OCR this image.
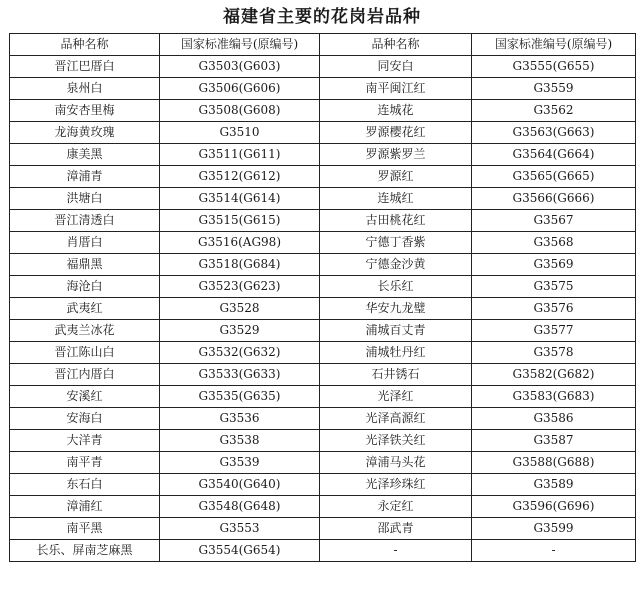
福建省主要的花岗岩品种
品种名称	国家标准编号(原编号)	品种名称	国家标准编号(原编号)
晋江巴厝白	G3503(G603)	同安白	G3555(G655)
泉州白	G3506(G606)	南平闽江红	G3559
南安杏里梅	G3508(G608)	连城花	G3562
龙海黄玫瑰	G3510	罗源樱花红	G3563(G663)
康美黑	G3511(G611)	罗源紫罗兰	G3564(G664)
漳浦青	G3512(G612)	罗源红	G3565(G665)
洪塘白	G3514(G614)	连城红	G3566(G666)
晋江清透白	G3515(G615)	古田桃花红	G3567
肖厝白	G3516(AG98)	宁德丁香紫	G3568
福鼎黑	G3518(G684)	宁德金沙黄	G3569
海沧白	G3523(G623)	长乐红	G3575
武夷红	G3528	华安九龙璧	G3576
武夷兰冰花	G3529	浦城百丈青	G3577
晋江陈山白	G3532(G632)	浦城牡丹红	G3578
晋江内厝白	G3533(G633)	石井锈石	G3582(G682)
安溪红	G3535(G635)	光泽红	G3583(G683)
安海白	G3536	光泽高源红	G3586
大洋青	G3538	光泽铁关红	G3587
南平青	G3539	漳浦马头花	G3588(G688)
东石白	G3540(G640)	光泽珍珠红	G3589
漳浦红	G3548(G648)	永定红	G3596(G696)
南平黑	G3553	邵武青	G3599
长乐、屏南芝麻黑	G3554(G654)	-	-
